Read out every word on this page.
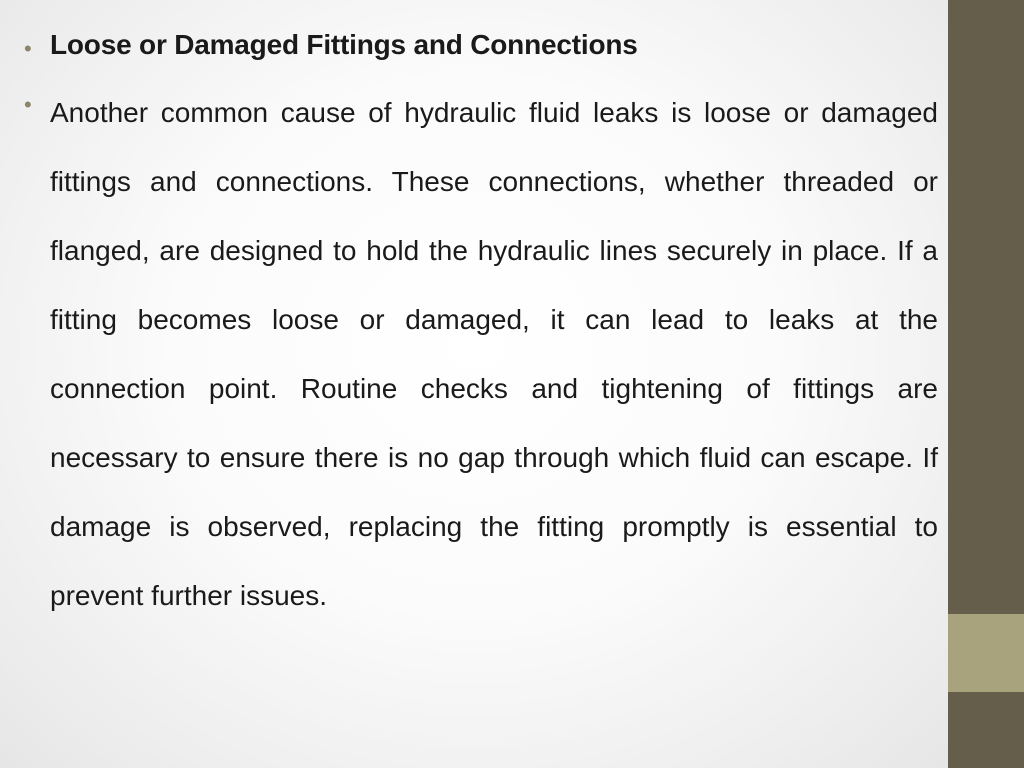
• Loose or Damaged Fittings and Connections
• Another common cause of hydraulic fluid leaks is loose or damaged fittings and connections. These connections, whether threaded or flanged, are designed to hold the hydraulic lines securely in place. If a fitting becomes loose or damaged, it can lead to leaks at the connection point. Routine checks and tightening of fittings are necessary to ensure there is no gap through which fluid can escape. If damage is observed, replacing the fitting promptly is essential to prevent further issues.
